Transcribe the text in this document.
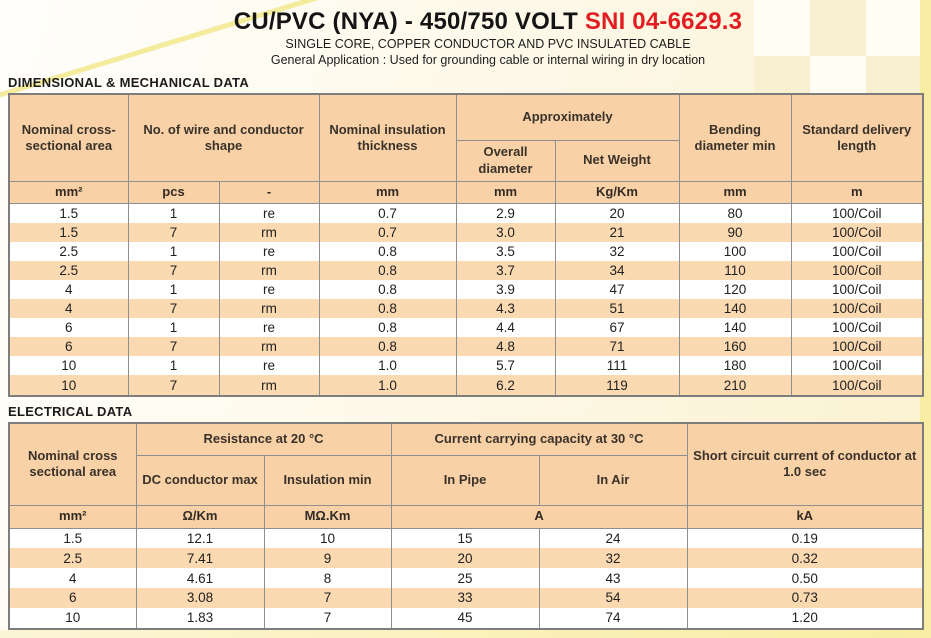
CU/PVC (NYA) - 450/750 VOLT SNI 04-6629.3
SINGLE CORE, COPPER CONDUCTOR AND PVC INSULATED CABLE
General Application : Used for grounding cable or internal wiring in dry location
DIMENSIONAL & MECHANICAL DATA
Nominal cross-sectional area	No. of wire and conductor shape		Nominal insulation thickness	Approximately		Bending diameter min	Standard delivery length
				Overall diameter	Net Weight		
mm²	pcs	-	mm	mm	Kg/Km	mm	m
1.5	1	re	0.7	2.9	20	80	100/Coil
1.5	7	rm	0.7	3.0	21	90	100/Coil
2.5	1	re	0.8	3.5	32	100	100/Coil
2.5	7	rm	0.8	3.7	34	110	100/Coil
4	1	re	0.8	3.9	47	120	100/Coil
4	7	rm	0.8	4.3	51	140	100/Coil
6	1	re	0.8	4.4	67	140	100/Coil
6	7	rm	0.8	4.8	71	160	100/Coil
10	1	re	1.0	5.7	111	180	100/Coil
10	7	rm	1.0	6.2	119	210	100/Coil
ELECTRICAL DATA
Nominal cross sectional area	Resistance at 20 °C		Current carrying capacity at 30 °C		Short circuit current of conductor at 1.0 sec
	DC conductor max	Insulation min	In Pipe	In Air	
mm²	Ω/Km	MΩ.Km	A		kA
1.5	12.1	10	15	24	0.19
2.5	7.41	9	20	32	0.32
4	4.61	8	25	43	0.50
6	3.08	7	33	54	0.73
10	1.83	7	45	74	1.20
